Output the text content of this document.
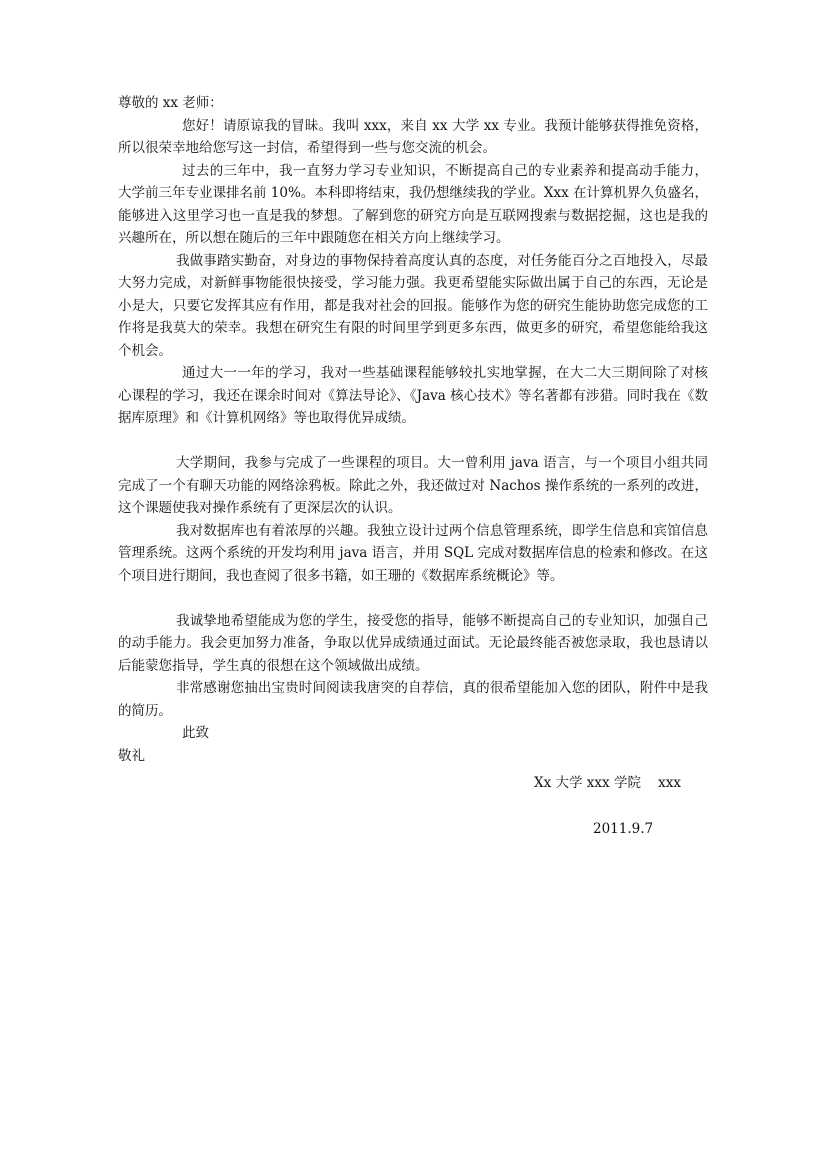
尊敬的 xx 老师：

您好！请原谅我的冒昧。我叫 xxx，来自 xx 大学 xx 专业。我预计能够获得推免资格，所以很荣幸地给您写这一封信，希望得到一些与您交流的机会。

过去的三年中，我一直努力学习专业知识，不断提高自己的专业素养和提高动手能力，大学前三年专业课排名前 10%。本科即将结束，我仍想继续我的学业。Xxx 在计算机界久负盛名，能够进入这里学习也一直是我的梦想。了解到您的研究方向是互联网搜索与数据挖掘，这也是我的兴趣所在，所以想在随后的三年中跟随您在相关方向上继续学习。

我做事踏实勤奋，对身边的事物保持着高度认真的态度，对任务能百分之百地投入，尽最大努力完成，对新鲜事物能很快接受，学习能力强。我更希望能实际做出属于自己的东西，无论是小是大，只要它发挥其应有作用，都是我对社会的回报。能够作为您的研究生能协助您完成您的工作将是我莫大的荣幸。我想在研究生有限的时间里学到更多东西，做更多的研究，希望您能给我这个机会。

通过大一一年的学习，我对一些基础课程能够较扎实地掌握，在大二大三期间除了对核心课程的学习，我还在课余时间对《算法导论》、《Java 核心技术》等名著都有涉猎。同时我在《数据库原理》和《计算机网络》等也取得优异成绩。

大学期间，我参与完成了一些课程的项目。大一曾利用 java 语言，与一个项目小组共同完成了一个有聊天功能的网络涂鸦板。除此之外，我还做过对 Nachos 操作系统的一系列的改进，这个课题使我对操作系统有了更深层次的认识。

我对数据库也有着浓厚的兴趣。我独立设计过两个信息管理系统，即学生信息和宾馆信息管理系统。这两个系统的开发均利用 java 语言，并用 SQL 完成对数据库信息的检索和修改。在这个项目进行期间，我也查阅了很多书籍，如王珊的《数据库系统概论》等。

我诚挚地希望能成为您的学生，接受您的指导，能够不断提高自己的专业知识，加强自己的动手能力。我会更加努力准备，争取以优异成绩通过面试。无论最终能否被您录取，我也恳请以后能蒙您指导，学生真的很想在这个领域做出成绩。

非常感谢您抽出宝贵时间阅读我唐突的自荐信，真的很希望能加入您的团队，附件中是我的简历。

此致

敬礼

Xx 大学 xxx 学院    xxx
2011.9.7
